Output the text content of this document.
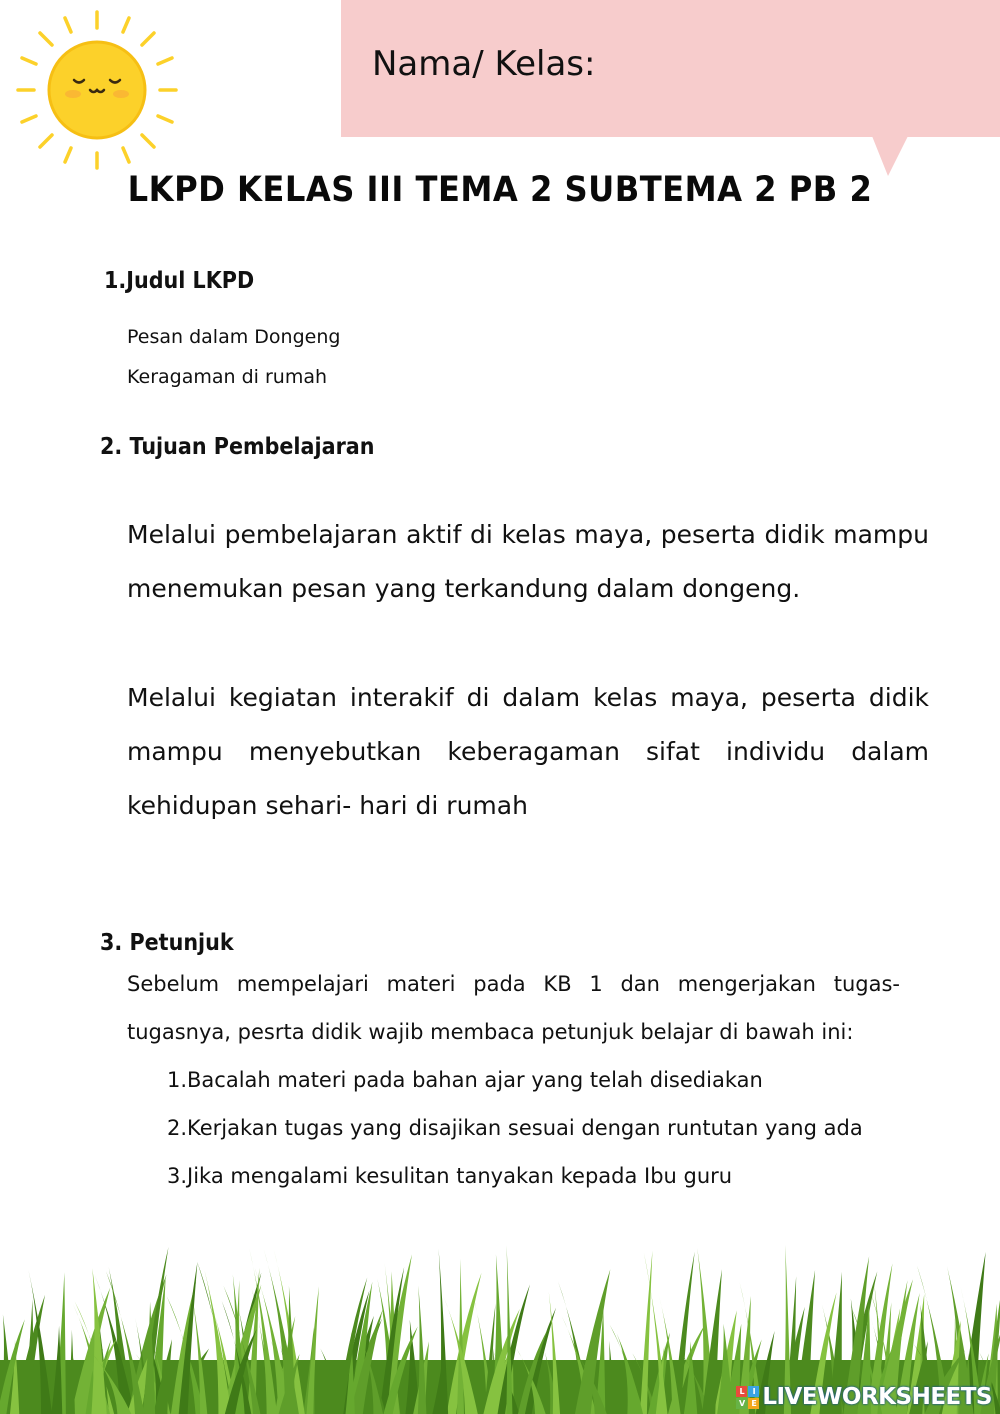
Nama/ Kelas:
LKPD KELAS III TEMA 2 SUBTEMA 2 PB 2
1.Judul LKPD
Pesan dalam Dongeng
Keragaman di rumah
2. Tujuan Pembelajaran
Melalui pembelajaran aktif di kelas maya, peserta didik mampu menemukan pesan yang terkandung dalam dongeng.
Melalui kegiatan interakif di dalam kelas maya, peserta didik mampu menyebutkan keberagaman sifat individu dalam kehidupan sehari- hari di rumah
3. Petunjuk
Sebelum mempelajari materi pada KB 1 dan mengerjakan tugas-tugasnya, pesrta didik wajib membaca petunjuk belajar di bawah ini:
1. Bacalah materi pada bahan ajar yang telah disediakan
2. Kerjakan tugas yang disajikan sesuai dengan runtutan yang ada
3. Jika mengalami kesulitan tanyakan kepada Ibu guru
L	I
V E LIVEWORKSHEETS
